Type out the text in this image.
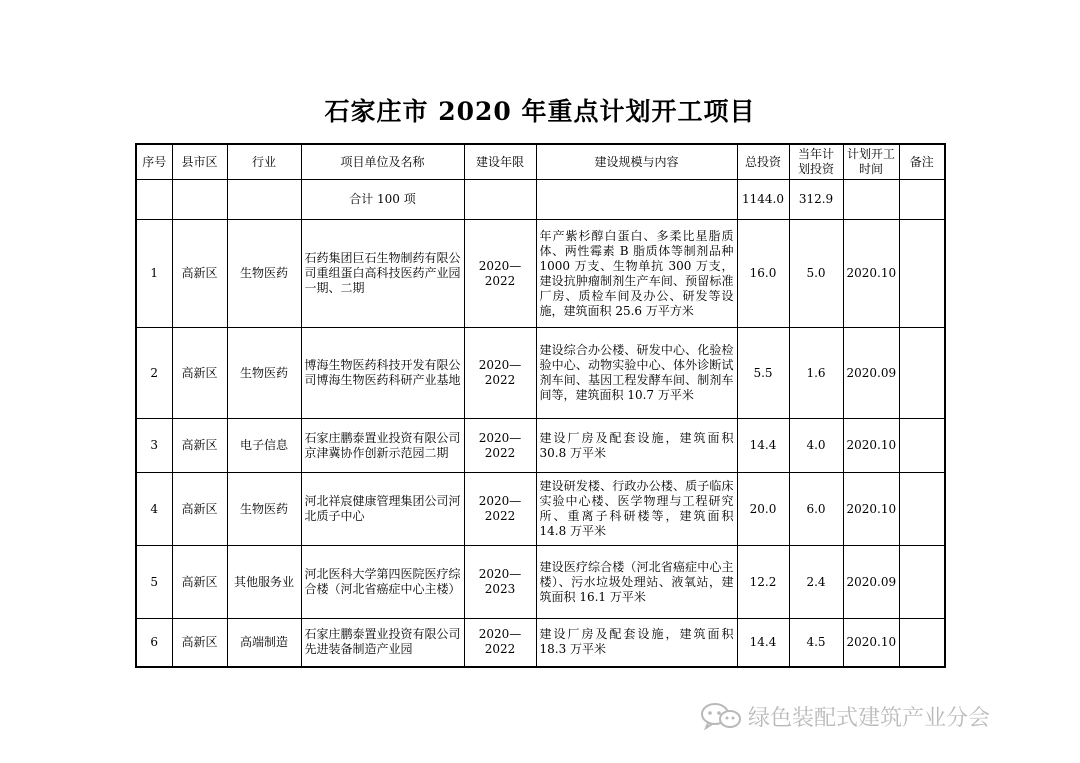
石家庄市 2020 年重点计划开工项目
序号	县市区	行业	项目单位及名称	建设年限	建设规模与内容	总投资	当年计划投资	计划开工时间	备注
			合计 100 项			1144.0	312.9		
1	高新区	生物医药	石药集团巨石生物制药有限公司重组蛋白高科技医药产业园一期、二期	2020—2022	年产紫杉醇白蛋白、多柔比星脂质体、两性霉素 B 脂质体等制剂品种 1000 万支、生物单抗 300 万支，建设抗肿瘤制剂生产车间、预留标准厂房、质检车间及办公、研发等设施，建筑面积 25.6 万平方米	16.0	5.0	2020.10	
2	高新区	生物医药	博海生物医药科技开发有限公司博海生物医药科研产业基地	2020—2022	建设综合办公楼、研发中心、化验检验中心、动物实验中心、体外诊断试剂车间、基因工程发酵车间、制剂车间等，建筑面积 10.7 万平米	5.5	1.6	2020.09	
3	高新区	电子信息	石家庄鹏泰置业投资有限公司京津冀协作创新示范园二期	2020—2022	建设厂房及配套设施，建筑面积 30.8 万平米	14.4	4.0	2020.10	
4	高新区	生物医药	河北祥宸健康管理集团公司河北质子中心	2020—2022	建设研发楼、行政办公楼、质子临床实验中心楼、医学物理与工程研究所、重离子科研楼等，建筑面积 14.8 万平米	20.0	6.0	2020.10	
5	高新区	其他服务业	河北医科大学第四医院医疗综合楼（河北省癌症中心主楼）	2020—2023	建设医疗综合楼（河北省癌症中心主楼）、污水垃圾处理站、液氧站，建筑面积 16.1 万平米	12.2	2.4	2020.09	
6	高新区	高端制造	石家庄鹏泰置业投资有限公司先进装备制造产业园	2020—2022	建设厂房及配套设施，建筑面积 18.3 万平米	14.4	4.5	2020.10	
绿色装配式建筑产业分会
